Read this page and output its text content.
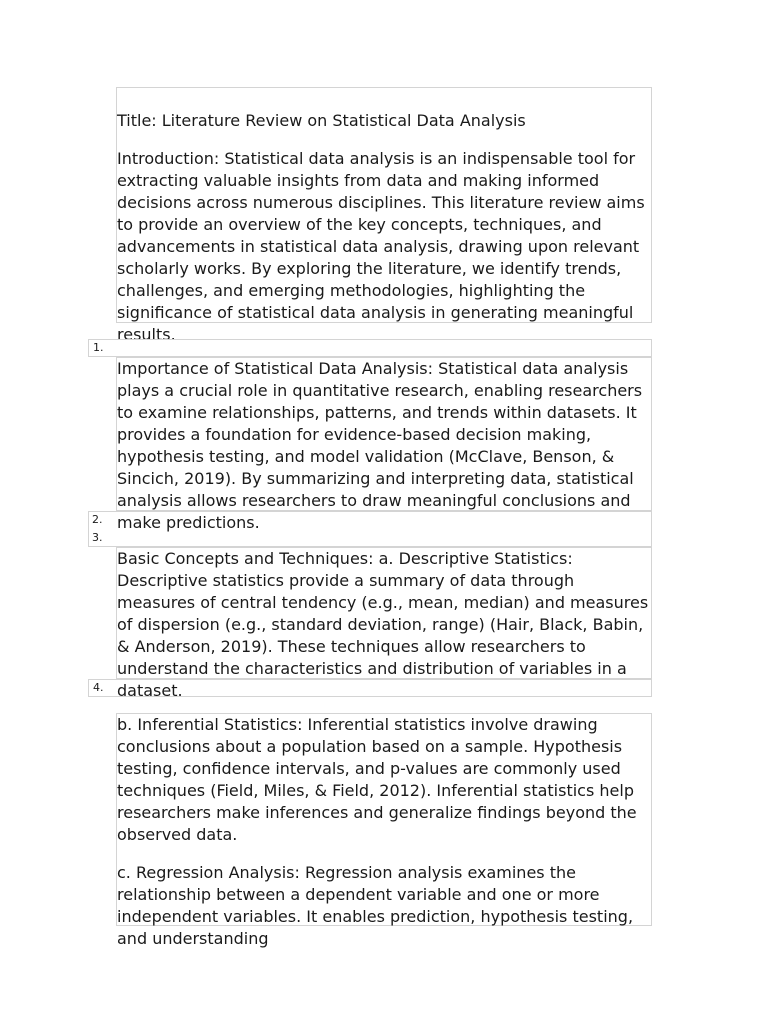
Title: Literature Review on Statistical Data Analysis

Introduction: Statistical data analysis is an indispensable tool for extracting valuable insights from data and making informed decisions across numerous disciplines. This literature review aims to provide an overview of the key concepts, techniques, and advancements in statistical data analysis, drawing upon relevant scholarly works. By exploring the literature, we identify trends, challenges, and emerging methodologies, highlighting the significance of statistical data analysis in generating meaningful results.

1.

Importance of Statistical Data Analysis: Statistical data analysis plays a crucial role in quantitative research, enabling researchers to examine relationships, patterns, and trends within datasets. It provides a foundation for evidence-based decision making, hypothesis testing, and model validation (McClave, Benson, & Sincich, 2019). By summarizing and interpreting data, statistical analysis allows researchers to draw meaningful conclusions and make predictions.

2.
3.

Basic Concepts and Techniques: a. Descriptive Statistics: Descriptive statistics provide a summary of data through measures of central tendency (e.g., mean, median) and measures of dispersion (e.g., standard deviation, range) (Hair, Black, Babin, & Anderson, 2019). These techniques allow researchers to understand the characteristics and distribution of variables in a dataset.

4.

b. Inferential Statistics: Inferential statistics involve drawing conclusions about a population based on a sample. Hypothesis testing, confidence intervals, and p-values are commonly used techniques (Field, Miles, & Field, 2012). Inferential statistics help researchers make inferences and generalize findings beyond the observed data.

c. Regression Analysis: Regression analysis examines the relationship between a dependent variable and one or more independent variables. It enables prediction, hypothesis testing, and understanding
